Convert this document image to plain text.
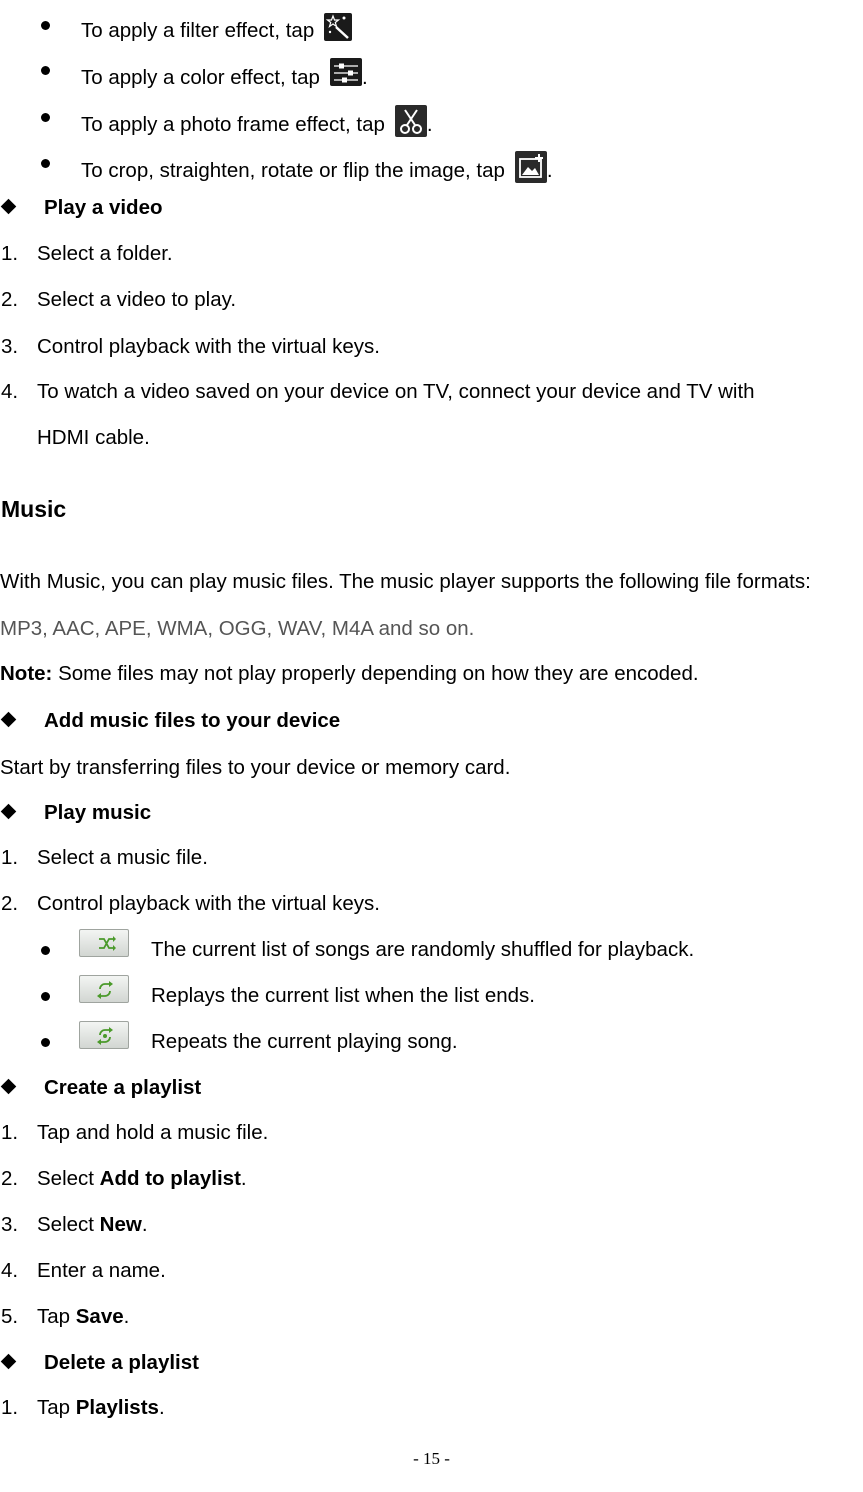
To apply a filter effect, tap
To apply a color effect, tap .
To apply a photo frame effect, tap .
To crop, straighten, rotate or flip the image, tap .
Play a video
1. Select a folder.
2. Select a video to play.
3. Control playback with the virtual keys.
4. To watch a video saved on your device on TV, connect your device and TV with
HDMI cable.
Music
With Music, you can play music files. The music player supports the following file formats:
MP3, AAC, APE, WMA, OGG, WAV, M4A and so on.
Note: Some files may not play properly depending on how they are encoded.
Add music files to your device
Start by transferring files to your device or memory card.
Play music
1. Select a music file.
2. Control playback with the virtual keys.
The current list of songs are randomly shuffled for playback.
Replays the current list when the list ends.
Repeats the current playing song.
Create a playlist
1. Tap and hold a music file.
2. Select Add to playlist.
3. Select New.
4. Enter a name.
5. Tap Save.
Delete a playlist
1. Tap Playlists.
- 15 -
